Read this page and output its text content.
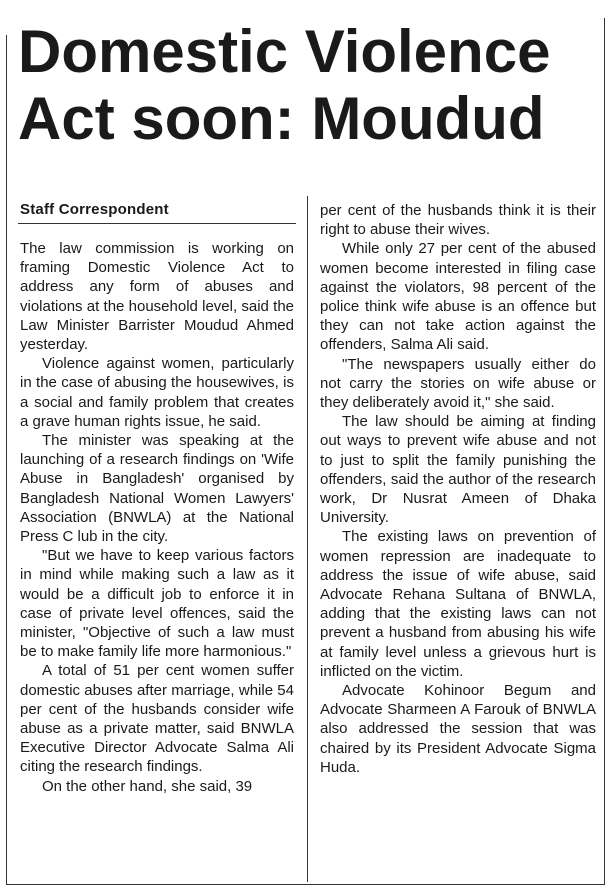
Domestic Violence
Act soon: Moudud
Staff Correspondent

The law commission is working on framing Domestic Violence Act to address any form of abuses and violations at the household level, said the Law Minister Barrister Moudud Ahmed yesterday.

Violence against women, particularly in the case of abusing the housewives, is a social and family problem that creates a grave human rights issue, he said.

The minister was speaking at the launching of a research findings on 'Wife Abuse in Bangladesh' organised by Bangladesh National Women Lawyers' Association (BNWLA) at the National Press C lub in the city.

"But we have to keep various factors in mind while making such a law as it would be a difficult job to enforce it in case of private level offences, said the minister, "Objective of such a law must be to make family life more harmonious."

A total of 51 per cent women suffer domestic abuses after marriage, while 54 per cent of the husbands consider wife abuse as a private matter, said BNWLA Executive Director Advocate Salma Ali citing the research findings.

On the other hand, she said, 39

per cent of the husbands think it is their right to abuse their wives.

While only 27 per cent of the abused women become interested in filing case against the violators, 98 percent of the police think wife abuse is an offence but they can not take action against the offenders, Salma Ali said.

"The newspapers usually either do not carry the stories on wife abuse or they deliberately avoid it," she said.

The law should be aiming at finding out ways to prevent wife abuse and not to just to split the family punishing the offenders, said the author of the research work, Dr Nusrat Ameen of Dhaka University.

The existing laws on prevention of women repression are inadequate to address the issue of wife abuse, said Advocate Rehana Sultana of BNWLA, adding that the existing laws can not prevent a husband from abusing his wife at family level unless a grievous hurt is inflicted on the victim.

Advocate Kohinoor Begum and Advocate Sharmeen A Farouk of BNWLA also addressed the session that was chaired by its President Advocate Sigma Huda.
